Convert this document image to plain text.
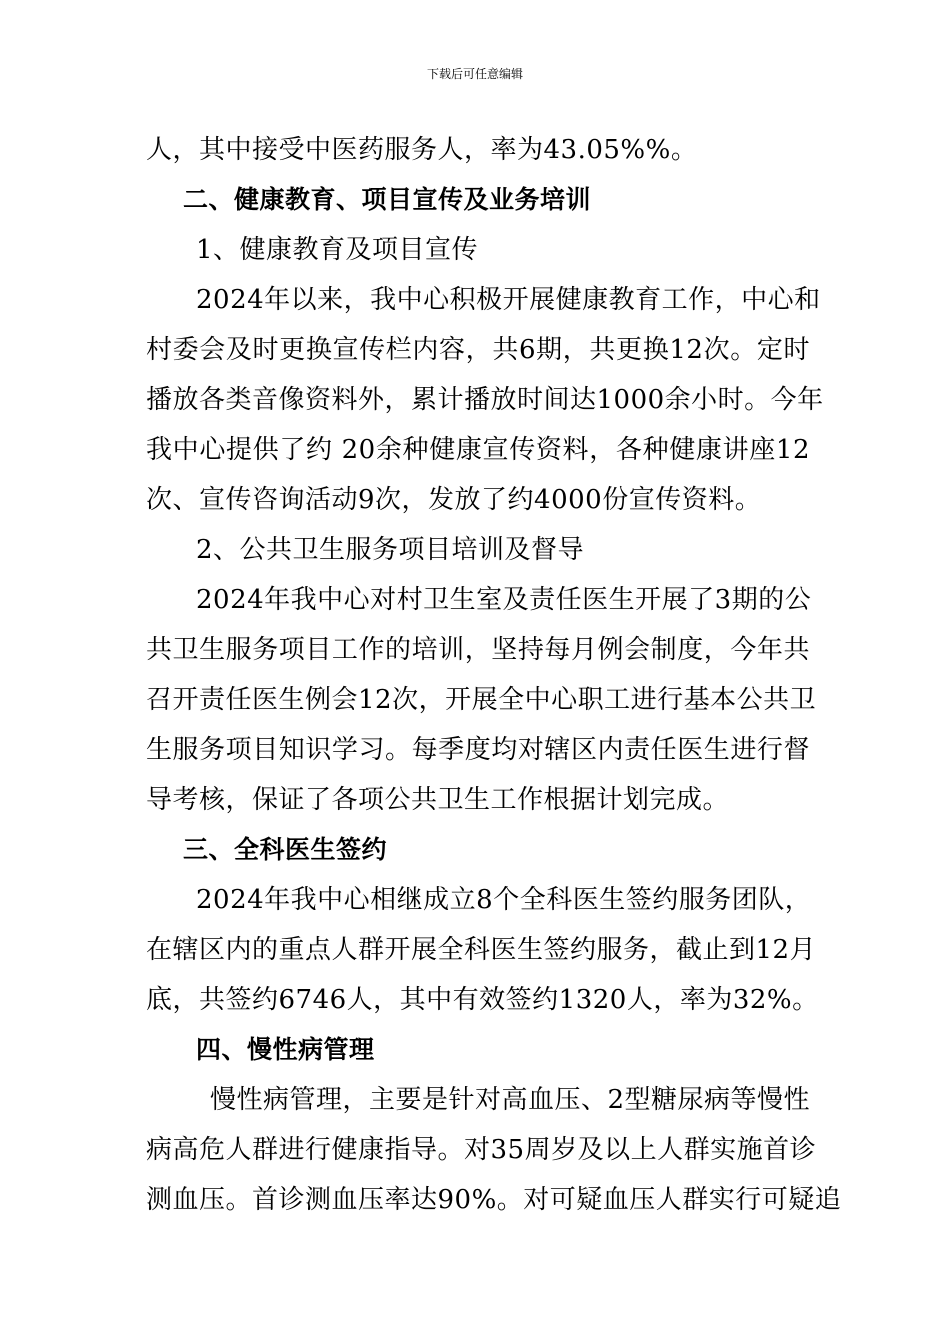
下载后可任意编辑
人，其中接受中医药服务人，率为43.05%%。
二、健康教育、项目宣传及业务培训
1、健康教育及项目宣传
2024年以来，我中心积极开展健康教育工作，中心和
村委会及时更换宣传栏内容，共6期，共更换12次。定时
播放各类音像资料外，累计播放时间达1000余小时。今年
我中心提供了约 20余种健康宣传资料，各种健康讲座12
次、宣传咨询活动9次，发放了约4000份宣传资料。
2、公共卫生服务项目培训及督导
2024年我中心对村卫生室及责任医生开展了3期的公
共卫生服务项目工作的培训，坚持每月例会制度，今年共
召开责任医生例会12次，开展全中心职工进行基本公共卫
生服务项目知识学习。每季度均对辖区内责任医生进行督
导考核，保证了各项公共卫生工作根据计划完成。
三、全科医生签约
2024年我中心相继成立8个全科医生签约服务团队，
在辖区内的重点人群开展全科医生签约服务，截止到12月
底，共签约6746人，其中有效签约1320人，率为32%。
四、慢性病管理
慢性病管理，主要是针对高血压、2型糖尿病等慢性
病高危人群进行健康指导。对35周岁及以上人群实施首诊
测血压。首诊测血压率达90%。对可疑血压人群实行可疑追
